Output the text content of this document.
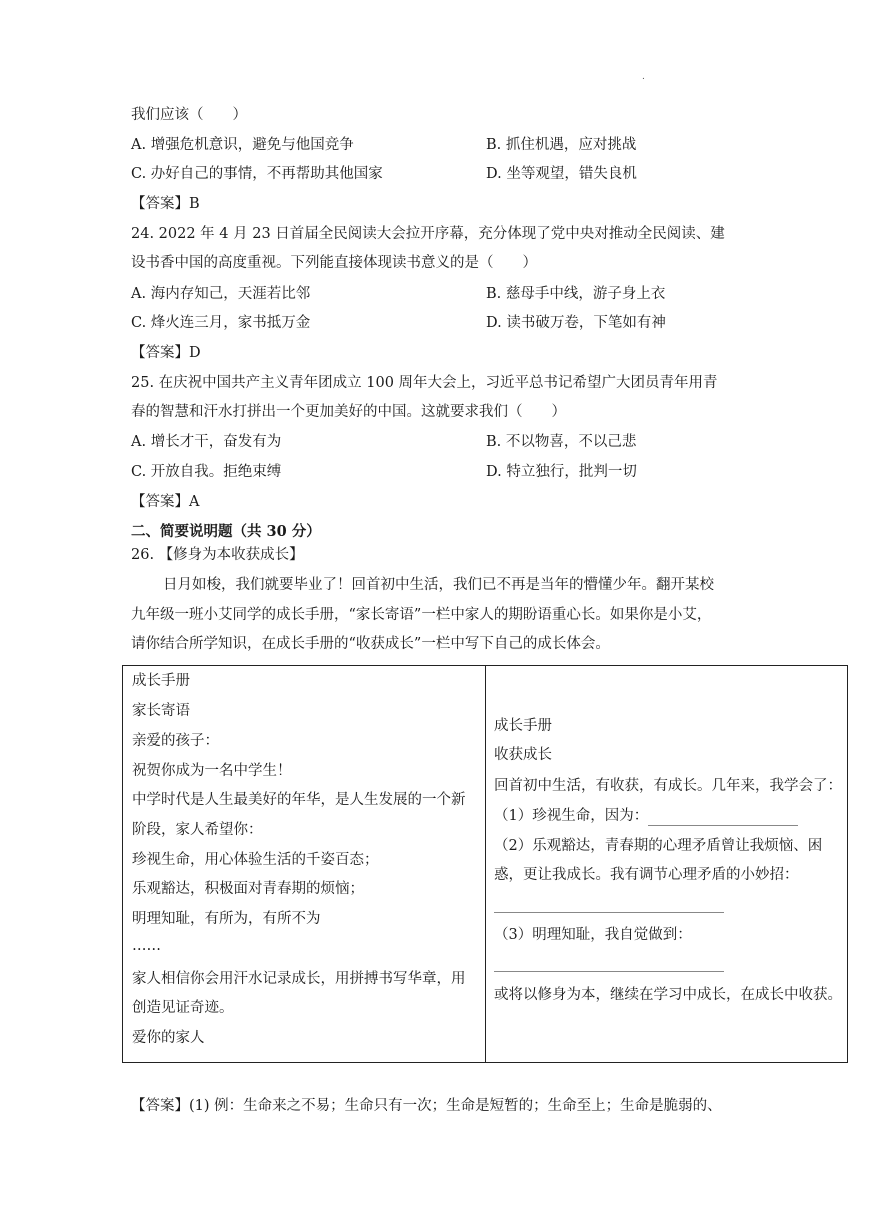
.
我们应该（　　）
A. 增强危机意识，避免与他国竞争	B. 抓住机遇，应对挑战
C. 办好自己的事情，不再帮助其他国家	D. 坐等观望，错失良机
【答案】B
24. 2022 年 4 月 23 日首届全民阅读大会拉开序幕，充分体现了党中央对推动全民阅读、建
设书香中国的高度重视。下列能直接体现读书意义的是（　　）
A. 海内存知己，天涯若比邻	B. 慈母手中线，游子身上衣
C. 烽火连三月，家书抵万金	D. 读书破万卷，下笔如有神
【答案】D
25. 在庆祝中国共产主义青年团成立 100 周年大会上，习近平总书记希望广大团员青年用青
春的智慧和汗水打拼出一个更加美好的中国。这就要求我们（　　）
A. 增长才干，奋发有为	B. 不以物喜，不以己悲
C. 开放自我。拒绝束缚	D. 特立独行，批判一切
【答案】A
二、简要说明题（共 30 分）
26. 【修身为本收获成长】
日月如梭，我们就要毕业了！回首初中生活，我们已不再是当年的懵懂少年。翻开某校
九年级一班小艾同学的成长手册，“家长寄语”一栏中家人的期盼语重心长。如果你是小艾，
请你结合所学知识，在成长手册的“收获成长”一栏中写下自己的成长体会。
成长手册
家长寄语
亲爱的孩子：
祝贺你成为一名中学生！
中学时代是人生最美好的年华，是人生发展的一个新
阶段，家人希望你：
珍视生命，用心体验生活的千姿百态；
乐观豁达，积极面对青春期的烦恼；
明理知耻，有所为，有所不为
……
家人相信你会用汗水记录成长，用拼搏书写华章，用
创造见证奇迹。
爱你的家人
成长手册
收获成长
回首初中生活，有收获，有成长。几年来，我学会了：
（1）珍视生命，因为：
（2）乐观豁达，青春期的心理矛盾曾让我烦恼、困
惑，更让我成长。我有调节心理矛盾的小妙招：
（3）明理知耻，我自觉做到：
或将以修身为本，继续在学习中成长，在成长中收获。
【答案】(1) 例：生命来之不易；生命只有一次；生命是短暂的；生命至上；生命是脆弱的、
